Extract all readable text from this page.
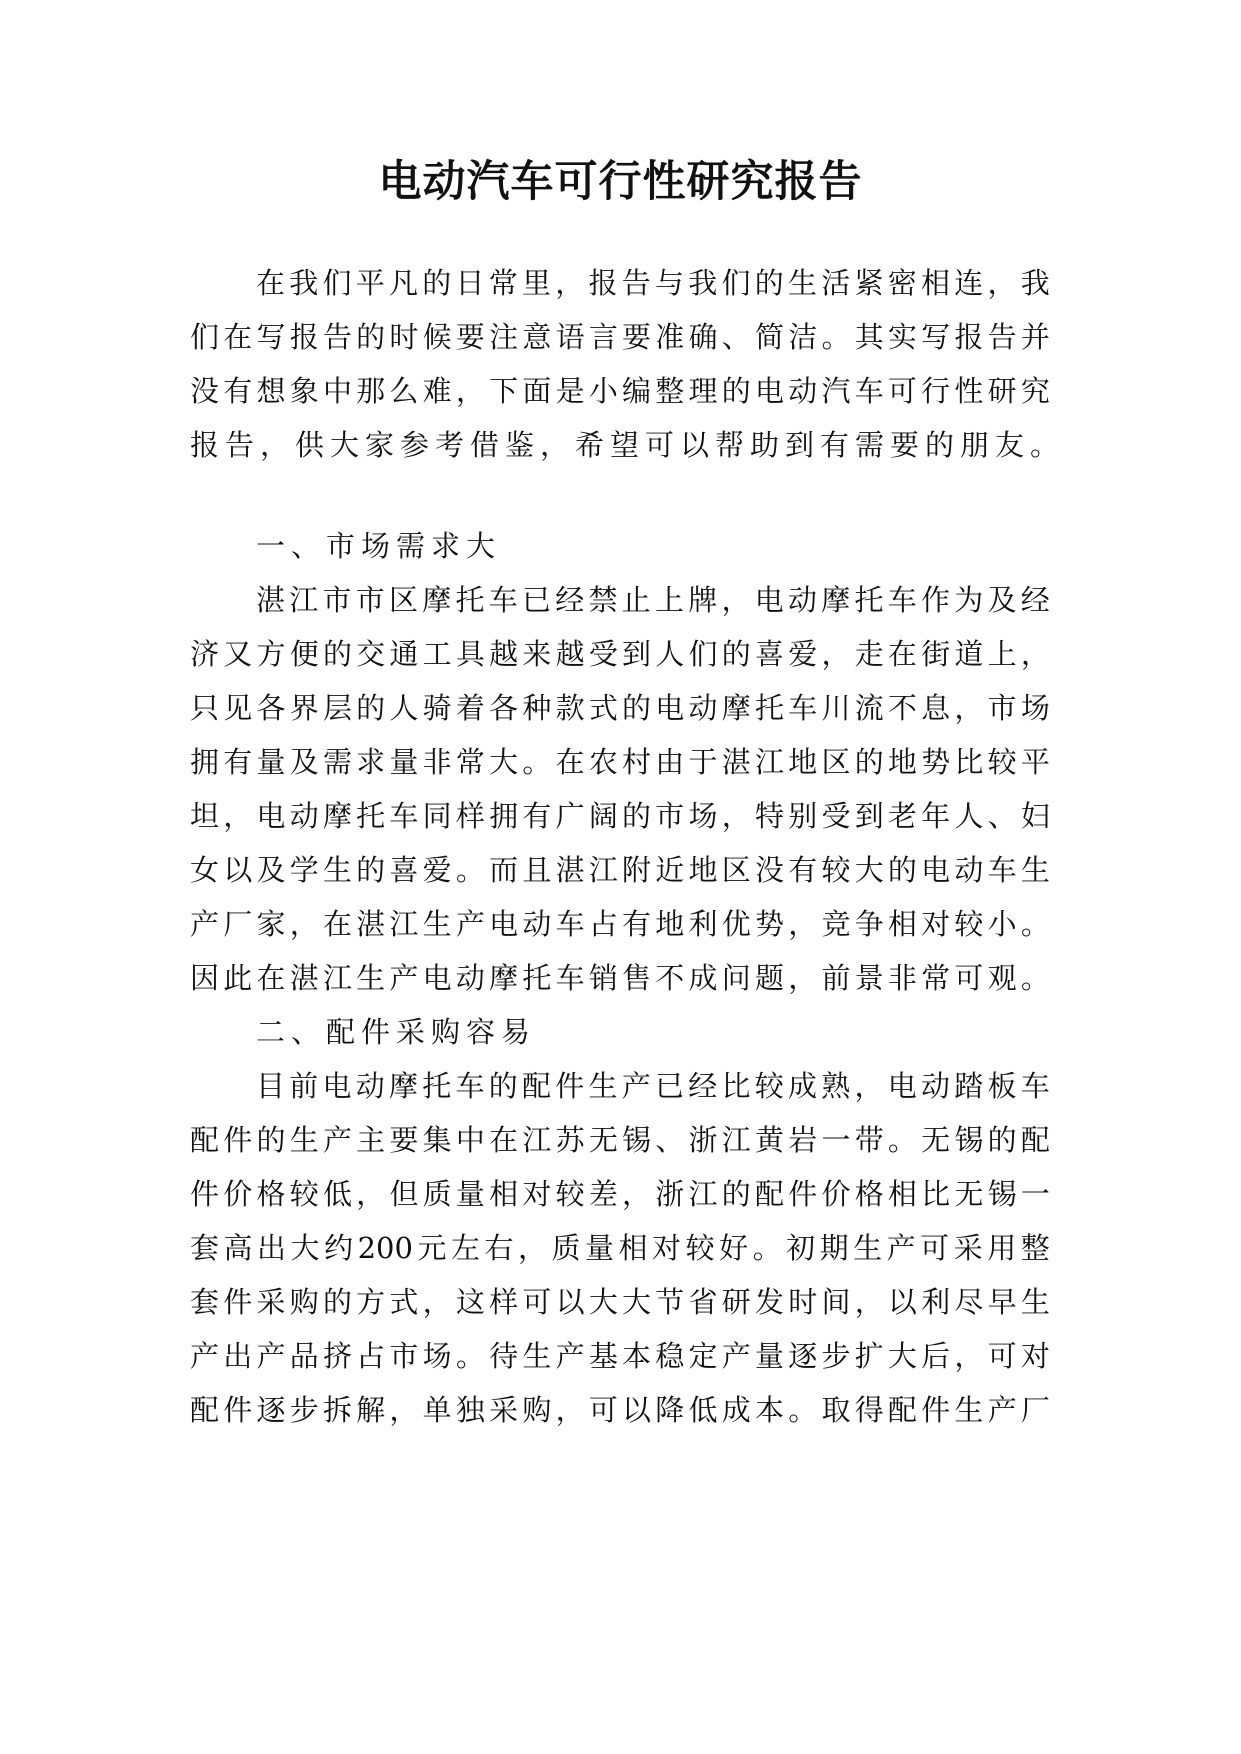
电动汽车可行性研究报告
在 我 们 平 凡 的 日 常 里 ， 报 告 与 我 们 的 生 活 紧 密 相 连 ， 我
们 在 写 报 告 的 时 候 要 注 意 语 言 要 准 确 、 简 洁 。 其 实 写 报 告 并
没 有 想 象 中 那 么 难 ， 下 面 是 小 编 整 理 的 电 动 汽 车 可 行 性 研 究
报告，供大家参考借鉴，希望可以帮助到有需要的朋友。
一、市场需求大
湛 江 市 市 区 摩 托 车 已 经 禁 止 上 牌 ， 电 动 摩 托 车 作 为 及 经
济 又 方 便 的 交 通 工 具 越 来 越 受 到 人 们 的 喜 爱 ， 走 在 街 道 上 ，
只 见 各 界 层 的 人 骑 着 各 种 款 式 的 电 动 摩 托 车 川 流 不 息 ， 市 场
拥 有 量 及 需 求 量 非 常 大 。 在 农 村 由 于 湛 江 地 区 的 地 势 比 较 平
坦 ， 电 动 摩 托 车 同 样 拥 有 广 阔 的 市 场 ， 特 别 受 到 老 年 人 、 妇
女 以 及 学 生 的 喜 爱 。 而 且 湛 江 附 近 地 区 没 有 较 大 的 电 动 车 生
产 厂 家 ， 在 湛 江 生 产 电 动 车 占 有 地 利 优 势 ， 竞 争 相 对 较 小 。
因 此 在 湛 江 生 产 电 动 摩 托 车 销 售 不 成 问 题 ， 前 景 非 常 可 观 。
二、配件采购容易
目 前 电 动 摩 托 车 的 配 件 生 产 已 经 比 较 成 熟 ， 电 动 踏 板 车
配 件 的 生 产 主 要 集 中 在 江 苏 无 锡 、 浙 江 黄 岩 一 带 。 无 锡 的 配
件 价 格 较 低 ， 但 质 量 相 对 较 差 ， 浙 江 的 配 件 价 格 相 比 无 锡 一
套 高 出 大 约 200 元 左 右 ， 质 量 相 对 较 好 。 初 期 生 产 可 采 用 整
套 件 采 购 的 方 式 ， 这 样 可 以 大 大 节 省 研 发 时 间 ， 以 利 尽 早 生
产 出 产 品 挤 占 市 场 。 待 生 产 基 本 稳 定 产 量 逐 步 扩 大 后 ， 可 对
配 件 逐 步 拆 解 ， 单 独 采 购 ， 可 以 降 低 成 本 。 取 得 配 件 生 产 厂
